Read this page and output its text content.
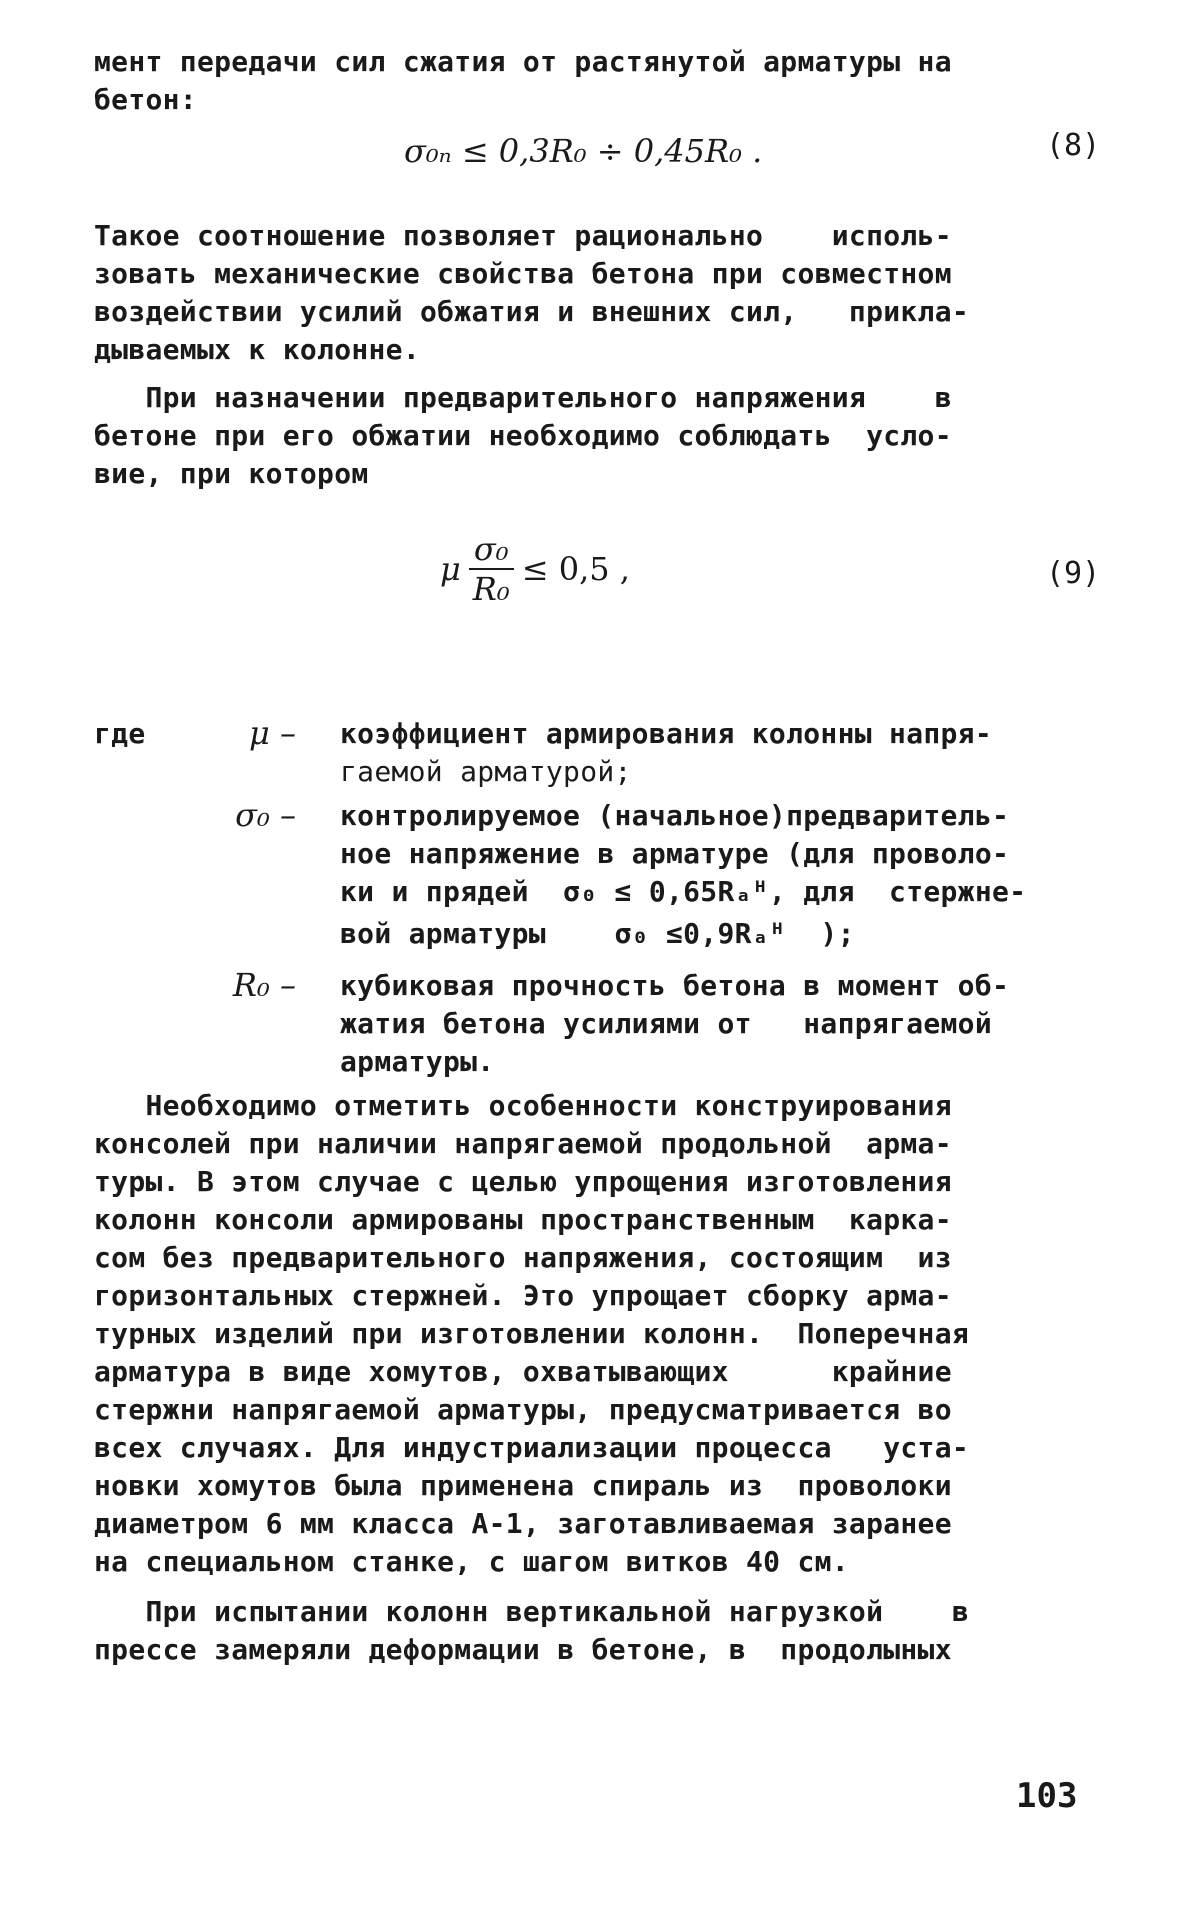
мент передачи сил сжатия от растянутой арматуры на
бетон:
σ₀ₙ ≤ 0,3R₀ ÷ 0,45R₀ .	(8)
Такое соотношение позволяет рационально    исполь-
зовать механические свойства бетона при совместном
воздействии усилий обжатия и внешних сил,   прикла-
дываемых к колонне.
При назначении предварительного напряжения    в
бетоне при его обжатии необходимо соблюдать  усло-
вие, при котором
μ $\frac{\text{σ₀}}{\text{R₀}} \le 0,5$ ,	(9)
где	μ – коэффициент армирования колонны напря-
гаемой арматурой;
σ₀ – контролируемое (начальное)предваритель-
ное напряжение в арматуре (для проволо-
ки и прядей  σ₀ ≤ 0,65Rₐᴴ, для  стержне-
вой арматуры    σ₀ ≤0,9Rₐᴴ  );
R₀ – кубиковая прочность бетона в момент об-
жатия бетона усилиями от   напрягаемой
арматуры.
Необходимо отметить особенности конструирования
консолей при наличии напрягаемой продольной  арма-
туры. В этом случае с целью упрощения изготовления
колонн консоли армированы пространственным  карка-
сом без предварительного напряжения, состоящим  из
горизонтальных стержней. Это упрощает сборку арма-
турных изделий при изготовлении колонн.  Поперечная
арматура в виде хомутов, охватывающих      крайние
стержни напрягаемой арматуры, предусматривается во
всех случаях. Для индустриализации процесса   уста-
новки хомутов была применена спираль из  проволоки
диаметром 6 мм класса А-1, заготавливаемая заранее
на специальном станке, с шагом витков 40 см.
При испытании колонн вертикальной нагрузкой    в
прессе замеряли деформации в бетоне, в  продолыных
103
